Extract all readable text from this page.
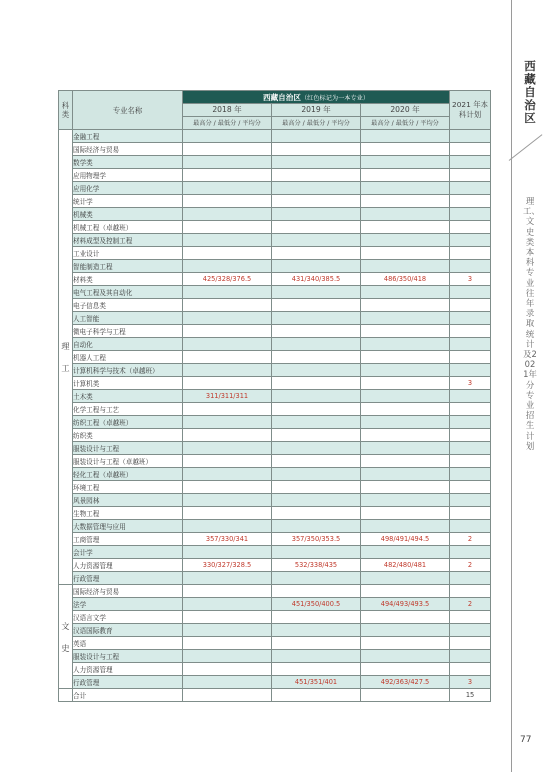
西藏自治区
理工、文史类本科专业往年录取统计及2021年分专业招生计划
77
科类	专业名称	西藏自治区（红色标记为一本专业）			2021 年本科计划
		2018 年	2019 年	2020 年	
		最高分 / 最低分 / 平均分	最高分 / 最低分 / 平均分	最高分 / 最低分 / 平均分	
理工	金融工程				
	国际经济与贸易				
	数学类				
	应用物理学				
	应用化学				
	统计学				
	机械类				
	机械工程（卓越班）				
	材料成型及控制工程				
	工业设计				
	智能制造工程				
	材料类	425/328/376.5	431/340/385.5	486/350/418	3
	电气工程及其自动化				
	电子信息类				
	人工智能				
	微电子科学与工程				
	自动化				
	机器人工程				
	计算机科学与技术（卓越班）				
	计算机类				3
	土木类	311/311/311			
	化学工程与工艺				
	纺织工程（卓越班）				
	纺织类				
	服装设计与工程				
	服装设计与工程（卓越班）				
	轻化工程（卓越班）				
	环境工程				
	风景园林				
	生物工程				
	大数据管理与应用				
	工商管理	357/330/341	357/350/353.5	498/491/494.5	2
	会计学				
	人力资源管理	330/327/328.5	532/338/435	482/480/481	2
	行政管理				
文史	国际经济与贸易				
	法学		451/350/400.5	494/493/493.5	2
	汉语言文学				
	汉语国际教育				
	英语				
	服装设计与工程				
	人力资源管理				
	行政管理		451/351/401	492/363/427.5	3
	合计				15
